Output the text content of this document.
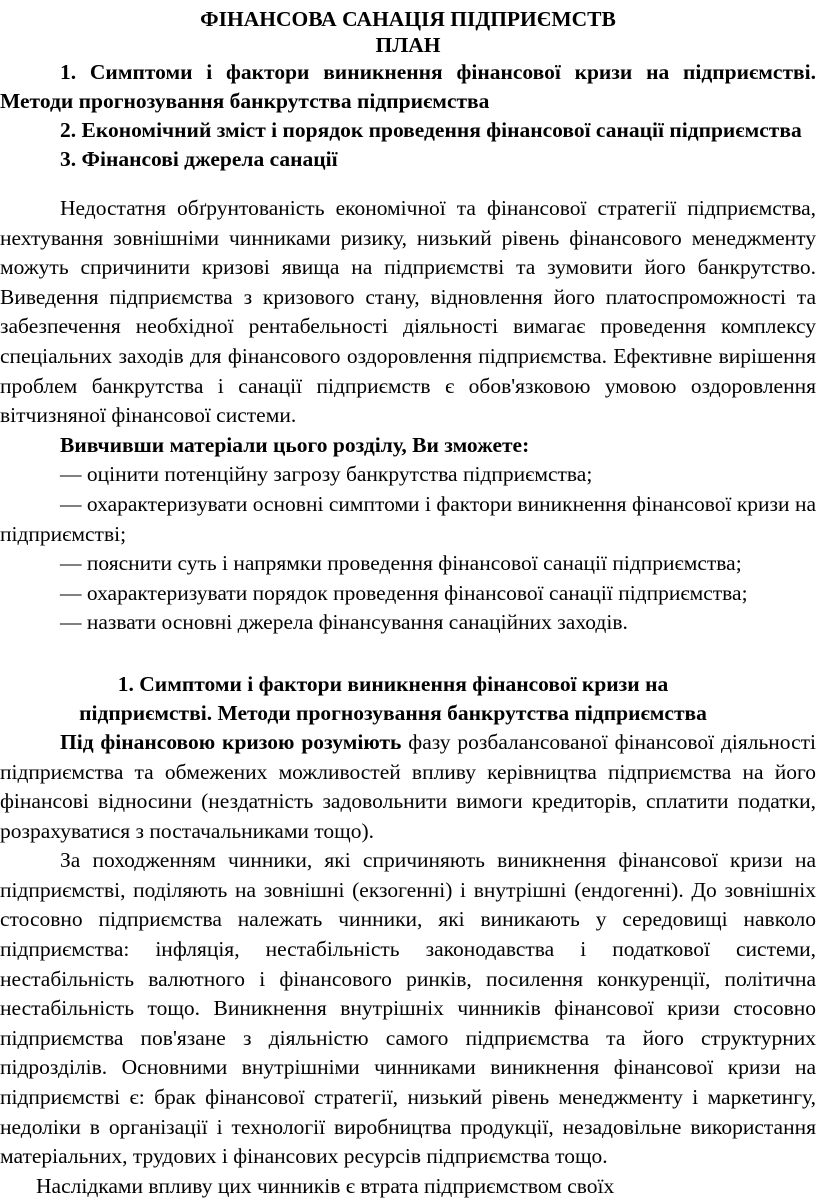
ФІНАНСОВА САНАЦІЯ ПІДПРИЄМСТВ

ПЛАН

1. Симптоми і фактори виникнення фінансової кризи на підприємстві. Методи прогнозування банкрутства підприємства

2. Економічний зміст і порядок проведення фінансової санації підприємства

3. Фінансові джерела санації

Недостатня обґрунтованість економічної та фінансової стратегії підприємства, нехтування зовнішніми чинниками ризику, низький рівень фінансового менеджменту можуть спричинити кризові явища на підприємстві та зумовити його банкрутство. Виведення підприємства з кризового стану, відновлення його платоспроможності та забезпечення необхідної рентабельності діяльності вимагає проведення комплексу спеціальних заходів для фінансового оздоровлення підприємства. Ефективне вирішення проблем банкрутства і санації підприємств є обов'язковою умовою оздоровлення вітчизняної фінансової системи.

Вивчивши матеріали цього розділу, Ви зможете:

— оцінити потенційну загрозу банкрутства підприємства;

— охарактеризувати основні симптоми і фактори виникнення фінансової кризи на підприємстві;

— пояснити суть і напрямки проведення фінансової санації підприємства;

— охарактеризувати порядок проведення фінансової санації підприємства;

— назвати основні джерела фінансування санаційних заходів.

1. Симптоми і фактори виникнення фінансової кризи на

підприємстві. Методи прогнозування банкрутства підприємства

Під фінансовою кризою розуміють фазу розбалансованої фінансової діяльності підприємства та обмежених можливостей впливу керівництва підприємства на його фінансові відносини (нездатність задовольнити вимоги кредиторів, сплатити податки, розрахуватися з постачальниками тощо).

За походженням чинники, які спричиняють виникнення фінансової кризи на підприємстві, поділяють на зовнішні (екзогенні) і внутрішні (ендогенні). До зовнішніх стосовно підприємства належать чинники, які виникають у середовищі навколо підприємства: інфляція, нестабільність законодавства і податкової системи, нестабільність валютного і фінансового ринків, посилення конкуренції, політична нестабільність тощо. Виникнення внутрішніх чинників фінансової кризи стосовно підприємства пов'язане з діяльністю самого підприємства та його структурних підрозділів. Основними внутрішніми чинниками виникнення фінансової кризи на підприємстві є: брак фінансової стратегії, низький рівень менеджменту і маркетингу, недоліки в організації і технології виробництва продукції, незадовільне використання матеріальних, трудових і фінансових ресурсів підприємства тощо.

Наслідками впливу цих чинників є втрата підприємством своїх
